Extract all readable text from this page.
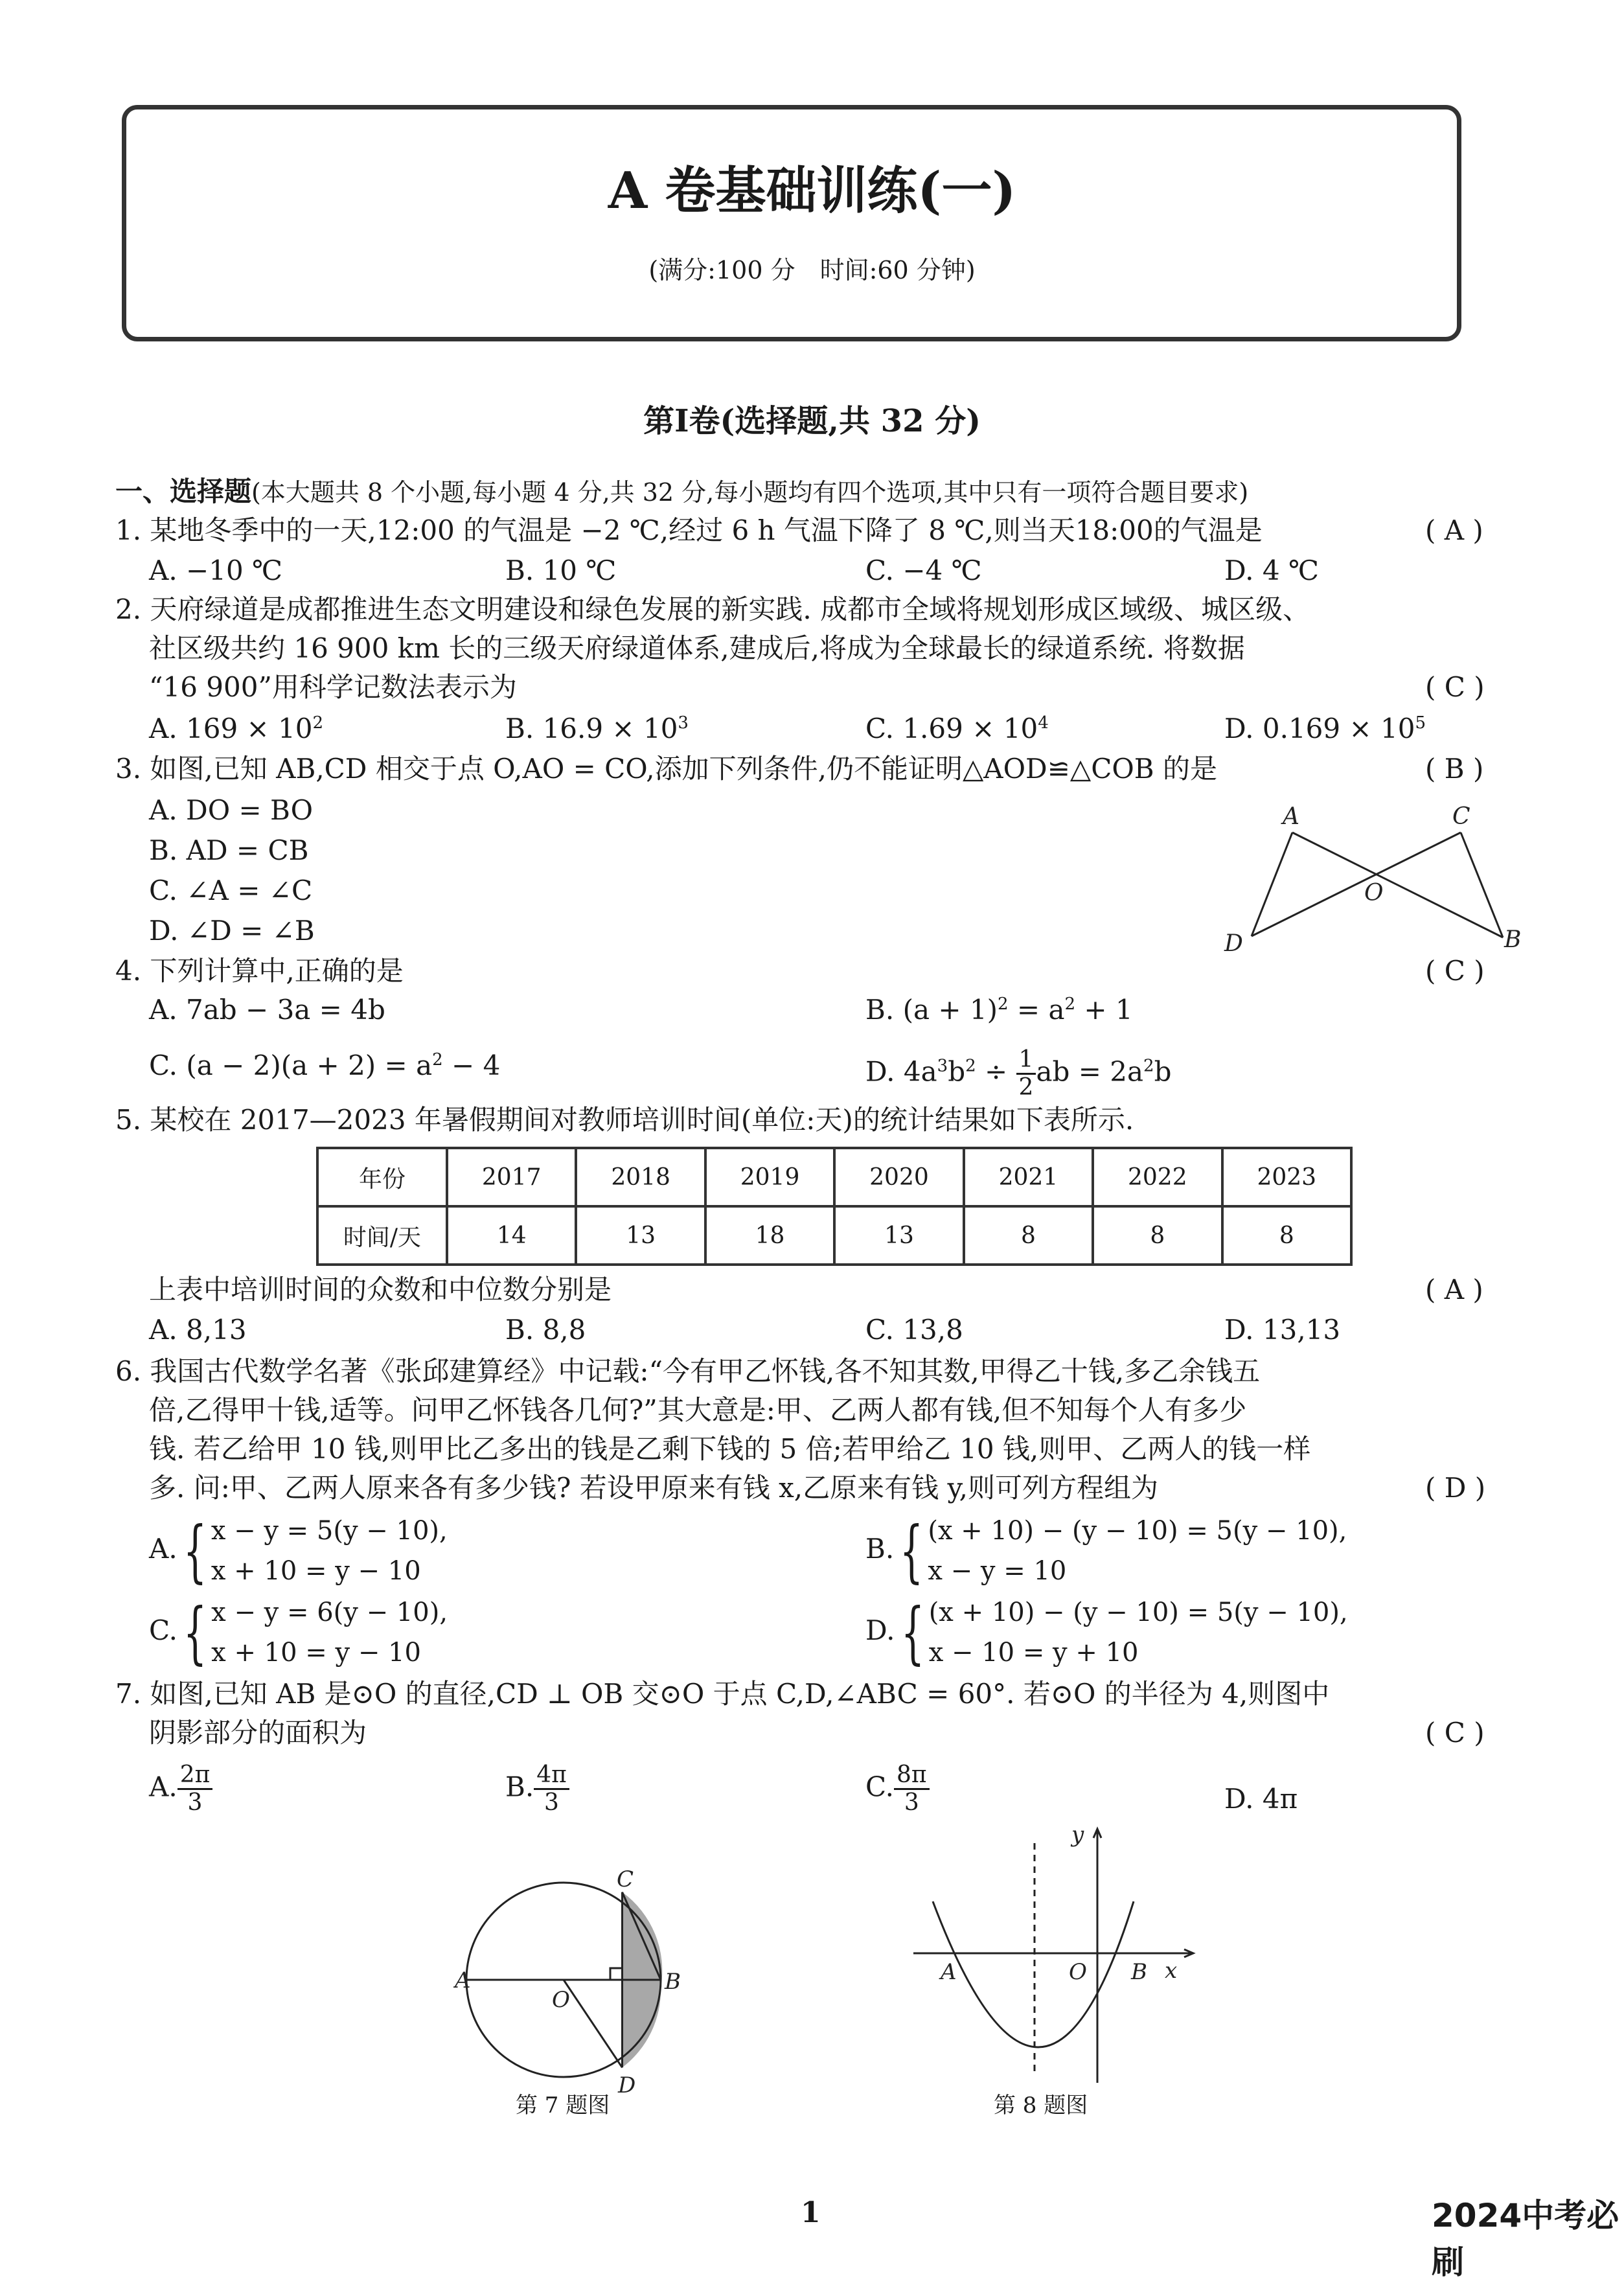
A 卷基础训练(一)
(满分:100 分　时间:60 分钟)
第Ⅰ卷(选择题,共 32 分)
一、选择题(本大题共 8 个小题,每小题 4 分,共 32 分,每小题均有四个选项,其中只有一项符合题目要求)
1. 某地冬季中的一天,12:00 的气温是 −2 ℃,经过 6 h 气温下降了 8 ℃,则当天18:00的气温是	( A )
A. −10 ℃	B. 10 ℃	C. −4 ℃	D. 4 ℃
2. 天府绿道是成都推进生态文明建设和绿色发展的新实践. 成都市全域将规划形成区域级、城区级、
社区级共约 16 900 km 长的三级天府绿道体系,建成后,将成为全球最长的绿道系统. 将数据
“16 900”用科学记数法表示为	( C )
A. $169 \times 10^2$	B. $16.9 \times 10^3$	C. $1.69 \times 10^4$	D. $0.169 \times 10^5$
3. 如图,已知 AB,CD 相交于点 O,AO = CO,添加下列条件,仍不能证明△AOD≌△COB 的是	( B )
A. DO = BO
B. AD = CB
C. ∠A = ∠C
D. ∠D = ∠B
A	C
O
D	B
4. 下列计算中,正确的是	( C )
A. 7ab − 3a = 4b	B. $(a + 1)^2 = a^2 + 1$
C. $(a - 2)(a + 2) = a^2 - 4$	D. $4a^3b^2 \div \frac{1}{2}$ ab = $2a^2b$
5. 某校在 2017—2023 年暑假期间对教师培训时间(单位:天)的统计结果如下表所示.
年份	2017	2018	2019	2020	2021	2022	2023
时间/天	14	13	18	13	8	8	8
上表中培训时间的众数和中位数分别是	( A )
A. 8,13	B. 8,8	C. 13,8	D. 13,13
6. 我国古代数学名著《张邱建算经》中记载:“今有甲乙怀钱,各不知其数,甲得乙十钱,多乙余钱五
倍,乙得甲十钱,适等。问甲乙怀钱各几何?”其大意是:甲、乙两人都有钱,但不知每个人有多少
钱. 若乙给甲 10 钱,则甲比乙多出的钱是乙剩下钱的 5 倍;若甲给乙 10 钱,则甲、乙两人的钱一样
多. 问:甲、乙两人原来各有多少钱? 若设甲原来有钱 x,乙原来有钱 y,则可列方程组为	( D )
A.{ x − y = 5(y − 10),
x + 10 = y − 10
B.{ (x + 10) − (y − 10) = 5(y − 10),
x − y = 10
C.{ x − y = 6(y − 10),
x + 10 = y − 10
D.{ (x + 10) − (y − 10) = 5(y − 10),
x − 10 = y + 10
7. 如图,已知 AB 是⊙O 的直径,CD ⊥ OB 交⊙O 于点 C,D,∠ABC = 60°. 若⊙O 的半径为 4,则图中
阴影部分的面积为	( C )
A. $\frac{2\pi}{3}$	B. $\frac{4\pi}{3}$	C. $\frac{8\pi}{3}$	D. 4π
C
A	B
O
D
第 7 题图
y
x
A	O B
第 8 题图
1	2024中考必刷
